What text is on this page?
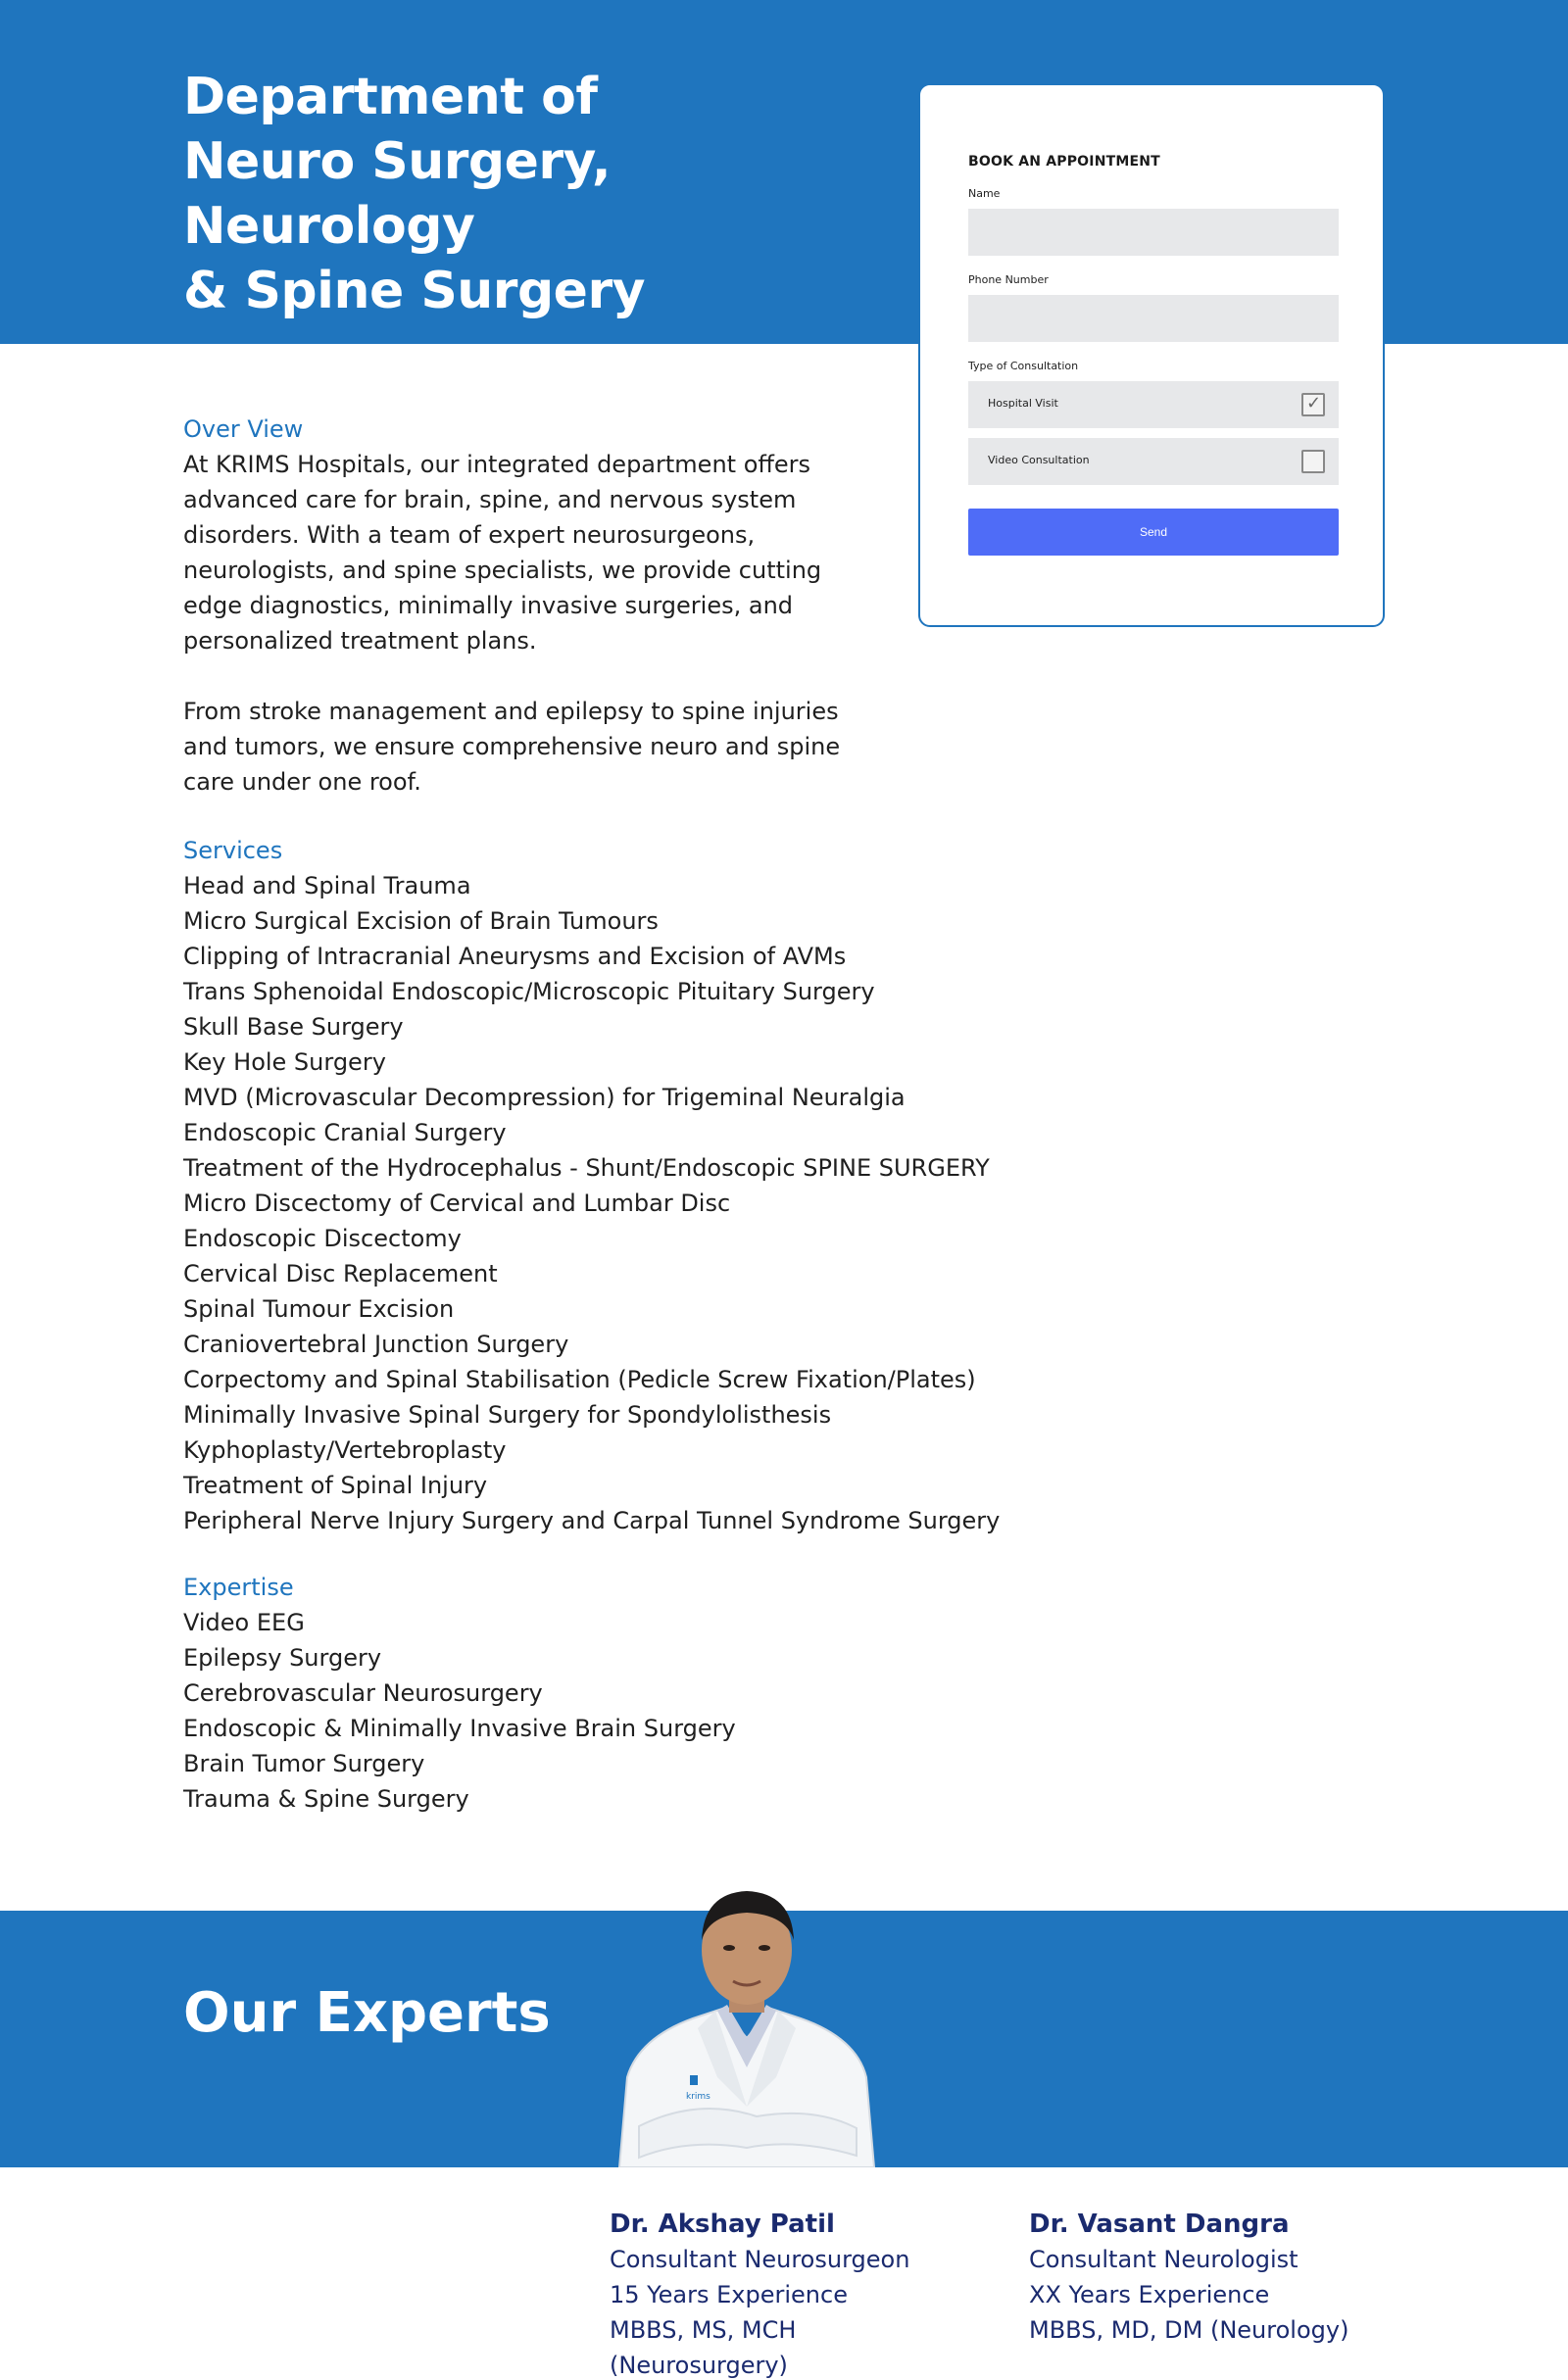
Department of
Neuro Surgery, Neurology
& Spine Surgery
BOOK AN APPOINTMENT
Name
Phone Number
Type of Consultation
Hospital Visit	✓
Video Consultation
Send
Over View
At KRIMS Hospitals, our integrated department offers
advanced care for brain, spine, and nervous system
disorders. With a team of expert neurosurgeons,
neurologists, and spine specialists, we provide cutting
edge diagnostics, minimally invasive surgeries, and
personalized treatment plans.
From stroke management and epilepsy to spine injuries
and tumors, we ensure comprehensive neuro and spine
care under one roof.
Services
Head and Spinal Trauma
Micro Surgical Excision of Brain Tumours
Clipping of Intracranial Aneurysms and Excision of AVMs
Trans Sphenoidal Endoscopic/Microscopic Pituitary Surgery
Skull Base Surgery
Key Hole Surgery
MVD (Microvascular Decompression) for Trigeminal Neuralgia
Endoscopic Cranial Surgery
Treatment of the Hydrocephalus - Shunt/Endoscopic SPINE SURGERY
Micro Discectomy of Cervical and Lumbar Disc
Endoscopic Discectomy
Cervical Disc Replacement
Spinal Tumour Excision
Craniovertebral Junction Surgery
Corpectomy and Spinal Stabilisation (Pedicle Screw Fixation/Plates)
Minimally Invasive Spinal Surgery for Spondylolisthesis
Kyphoplasty/Vertebroplasty
Treatment of Spinal Injury
Peripheral Nerve Injury Surgery and Carpal Tunnel Syndrome Surgery
Expertise
Video EEG
Epilepsy Surgery
Cerebrovascular Neurosurgery
Endoscopic & Minimally Invasive Brain Surgery
Brain Tumor Surgery
Trauma & Spine Surgery
Our Experts
krims
Dr. Akshay Patil
Consultant Neurosurgeon
15 Years Experience
MBBS, MS, MCH
(Neurosurgery)
Dr. Vasant Dangra
Consultant Neurologist
XX Years Experience
MBBS, MD, DM (Neurology)
